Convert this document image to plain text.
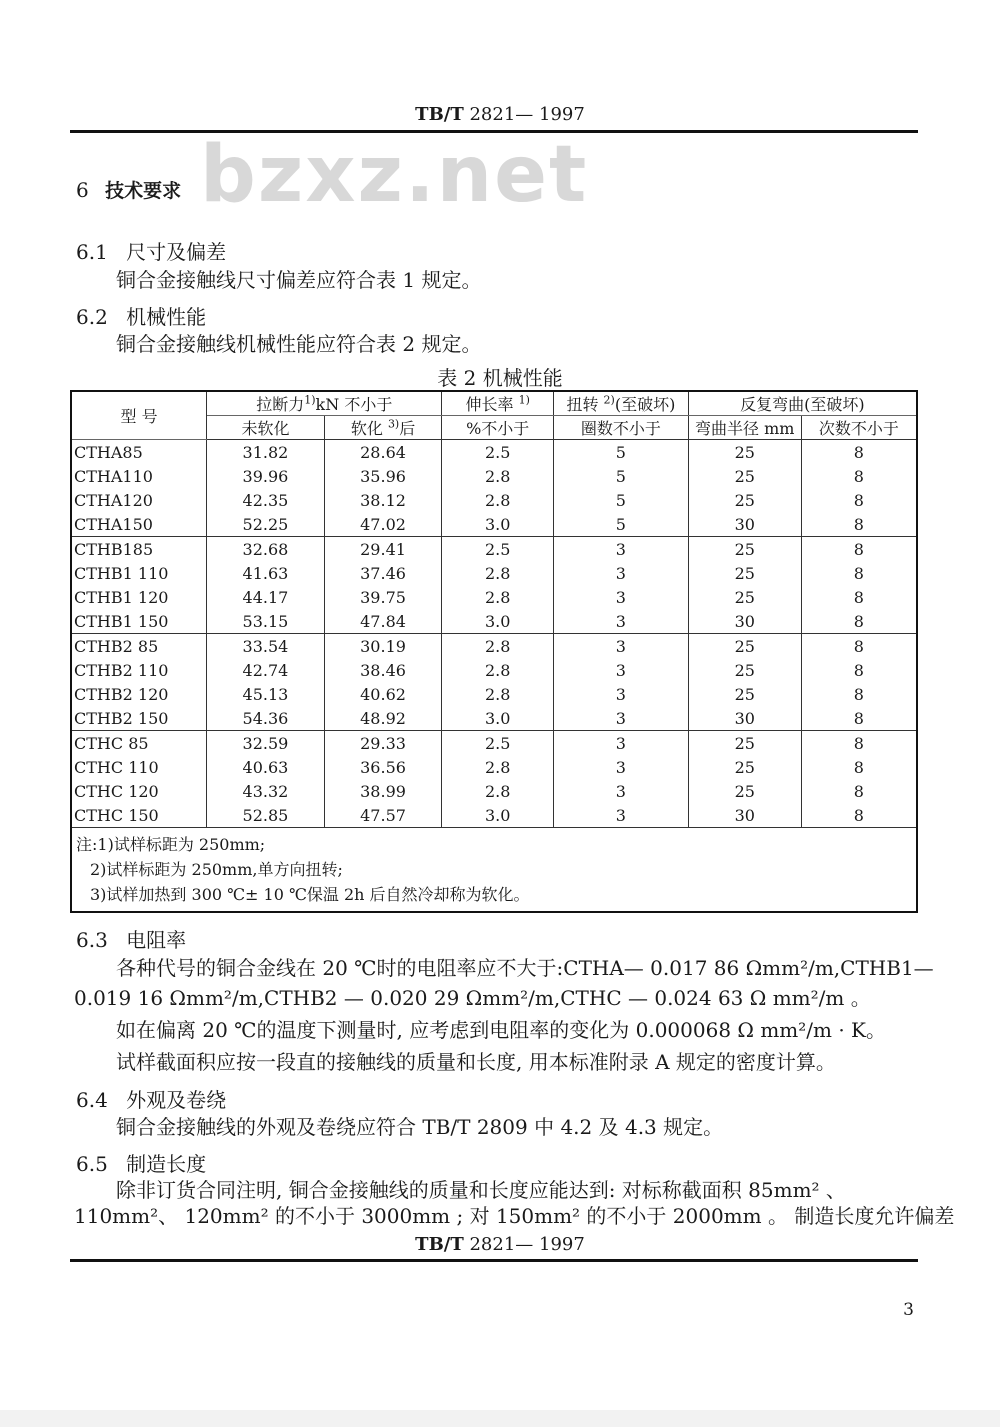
TB/T 2821— 1997
bzxz.net
6 技术要求
6.1 尺寸及偏差
铜合金接触线尺寸偏差应符合表 1 规定。
6.2 机械性能
铜合金接触线机械性能应符合表 2 规定。
表 2 机械性能
型 号	拉断力$^{1)}$kN 不小于		伸长率 $^{1)}$	扭转 $^{2)}$(至破坏)	反复弯曲(至破坏)	
	未软化	软化 $^{3)}$后	%不小于	圈数不小于	弯曲半径 mm	次数不小于
CTHA85	31.82	28.64	2.5	5	25	8
CTHA110	39.96	35.96	2.8	5	25	8
CTHA120	42.35	38.12	2.8	5	25	8
CTHA150	52.25	47.02	3.0	5	30	8
CTHB185	32.68	29.41	2.5	3	25	8
CTHB1 110	41.63	37.46	2.8	3	25	8
CTHB1 120	44.17	39.75	2.8	3	25	8
CTHB1 150	53.15	47.84	3.0	3	30	8
CTHB2 85	33.54	30.19	2.8	3	25	8
CTHB2 110	42.74	38.46	2.8	3	25	8
CTHB2 120	45.13	40.62	2.8	3	25	8
CTHB2 150	54.36	48.92	3.0	3	30	8
CTHC 85	32.59	29.33	2.5	3	25	8
CTHC 110	40.63	36.56	2.8	3	25	8
CTHC 120	43.32	38.99	2.8	3	25	8
CTHC 150	52.85	47.57	3.0	3	30	8

注:1)试样标距为 250mm;
2)试样标距为 250mm,单方向扭转;
3)试样加热到 300 ℃± 10 ℃保温 2h 后自然冷却称为软化。						
6.3 电阻率
各种代号的铜合金线在 20 ℃时的电阻率应不大于:CTHA— 0.017 86 Ωmm²/m,CTHB1—
0.019 16 Ωmm²/m,CTHB2 — 0.020 29 Ωmm²/m,CTHC — 0.024 63 Ω mm²/m 。
如在偏离 20 ℃的温度下测量时, 应考虑到电阻率的变化为 0.000068 Ω mm²/m · K。
试样截面积应按一段直的接触线的质量和长度, 用本标准附录 A 规定的密度计算。
6.4 外观及卷绕
铜合金接触线的外观及卷绕应符合 TB/T 2809 中 4.2 及 4.3 规定。
6.5 制造长度
除非订货合同注明, 铜合金接触线的质量和长度应能达到: 对标称截面积 85mm² 、
110mm²、 120mm² 的不小于 3000mm ; 对 150mm² 的不小于 2000mm 。 制造长度允许偏差
TB/T 2821— 1997
3
